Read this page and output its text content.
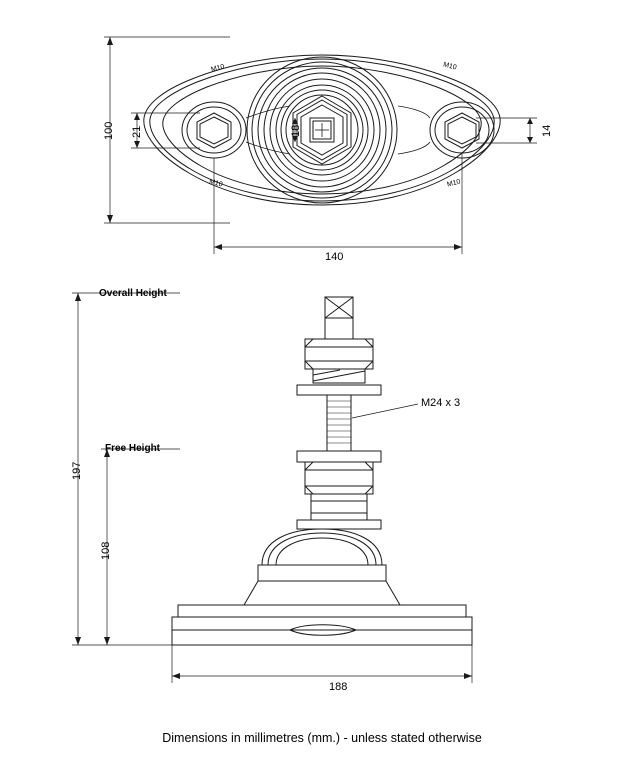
100 21	18	14
140
M10	M10
M10	M10
Overall Height
Free Height
197
108
188
M24 x 3
Dimensions in millimetres (mm.) - unless stated otherwise
